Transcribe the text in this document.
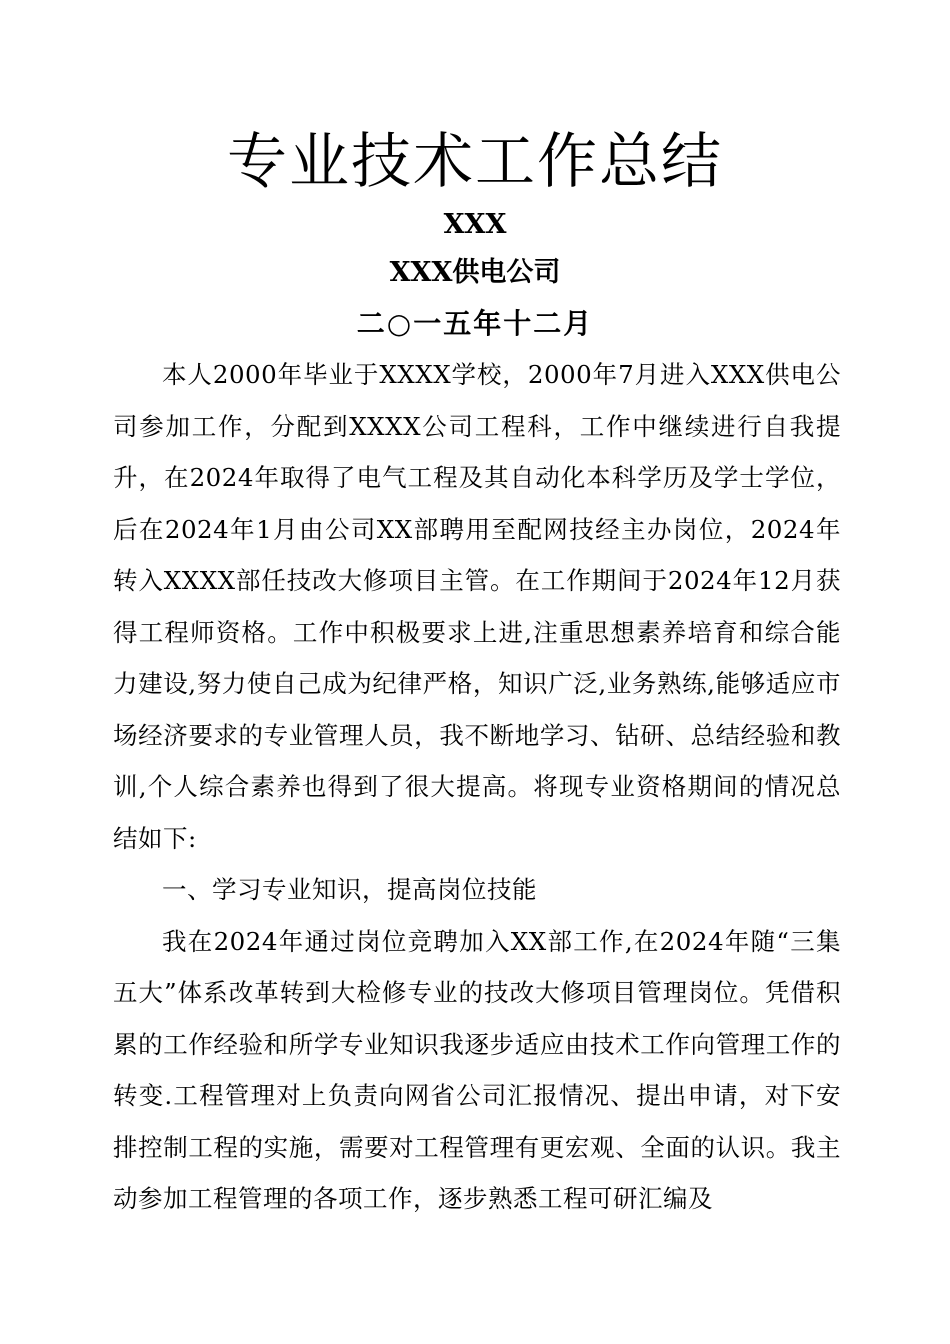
专业技术工作总结

XXX

XXX供电公司

二○一五年十二月

本人2000年毕业于XXXX学校，2000年7月进入XXX供电公司参加工作，分配到XXXX公司工程科，工作中继续进行自我提升，在2024年取得了电气工程及其自动化本科学历及学士学位，后在2024年1月由公司XX部聘用至配网技经主办岗位，2024年转入XXXX部任技改大修项目主管。在工作期间于2024年12月获得工程师资格。工作中积极要求上进,注重思想素养培育和综合能力建设,努力使自己成为纪律严格，知识广泛,业务熟练,能够适应市场经济要求的专业管理人员，我不断地学习、钻研、总结经验和教训,个人综合素养也得到了很大提高。将现专业资格期间的情况总结如下:

一、学习专业知识，提高岗位技能

我在2024年通过岗位竞聘加入XX部工作,在2024年随“三集五大”体系改革转到大检修专业的技改大修项目管理岗位。凭借积累的工作经验和所学专业知识我逐步适应由技术工作向管理工作的转变.工程管理对上负责向网省公司汇报情况、提出申请，对下安排控制工程的实施，需要对工程管理有更宏观、全面的认识。我主动参加工程管理的各项工作，逐步熟悉工程可研汇编及
